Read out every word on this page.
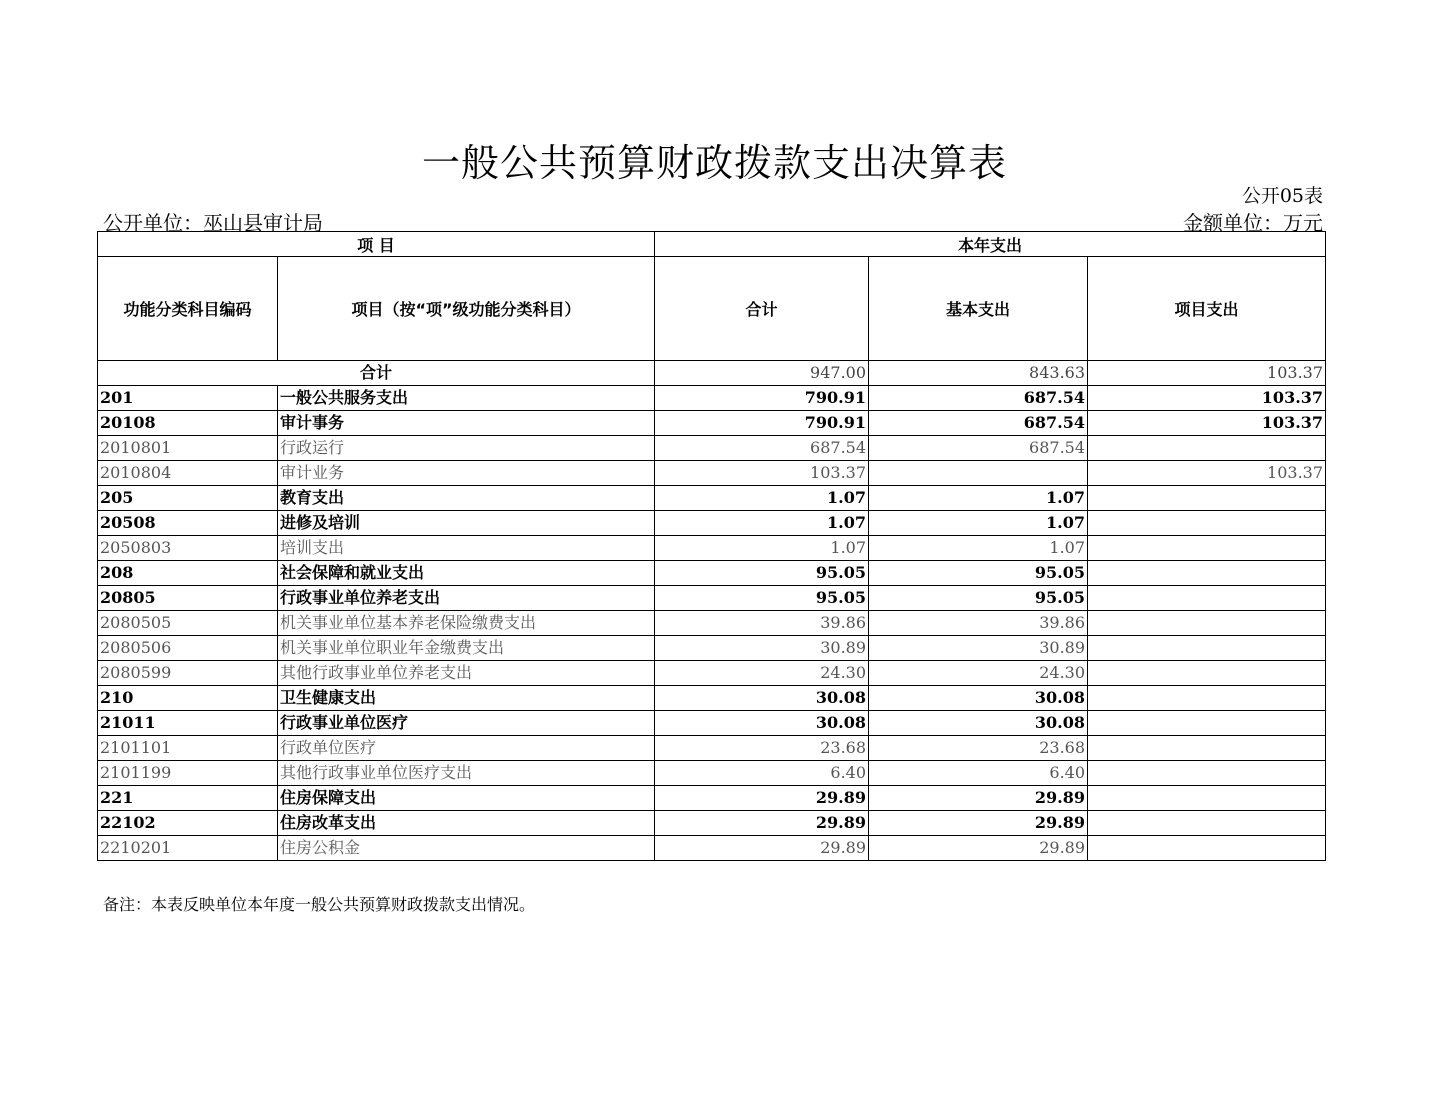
一般公共预算财政拨款支出决算表
公开05表
公开单位：巫山县审计局	金额单位：万元
项 目		本年支出		
功能分类科目编码	项目（按“项”级功能分类科目）	合计	基本支出	项目支出
合计		947.00	843.63	103.37
201	一般公共服务支出	790.91	687.54	103.37
20108	审计事务	790.91	687.54	103.37
2010801	行政运行	687.54	687.54	
2010804	审计业务	103.37		103.37
205	教育支出	1.07	1.07	
20508	进修及培训	1.07	1.07	
2050803	培训支出	1.07	1.07	
208	社会保障和就业支出	95.05	95.05	
20805	行政事业单位养老支出	95.05	95.05	
2080505	机关事业单位基本养老保险缴费支出	39.86	39.86	
2080506	机关事业单位职业年金缴费支出	30.89	30.89	
2080599	其他行政事业单位养老支出	24.30	24.30	
210	卫生健康支出	30.08	30.08	
21011	行政事业单位医疗	30.08	30.08	
2101101	行政单位医疗	23.68	23.68	
2101199	其他行政事业单位医疗支出	6.40	6.40	
221	住房保障支出	29.89	29.89	
22102	住房改革支出	29.89	29.89	
2210201	住房公积金	29.89	29.89	
备注：本表反映单位本年度一般公共预算财政拨款支出情况。
